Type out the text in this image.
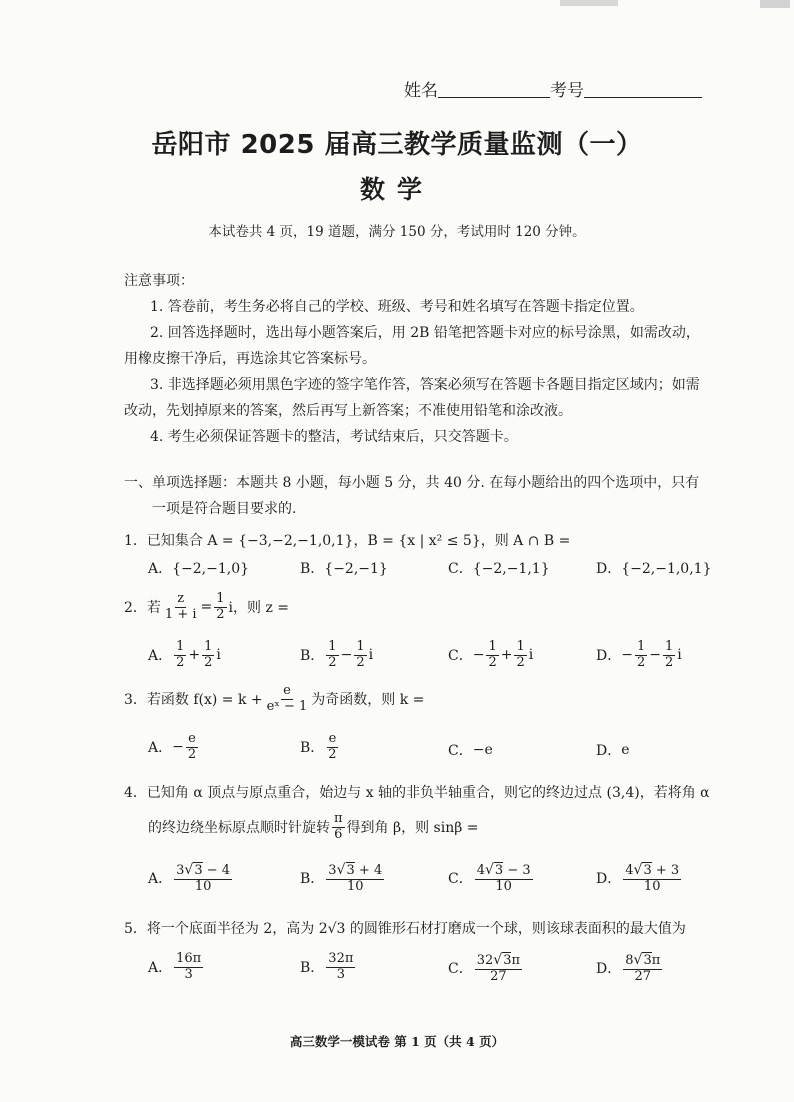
姓名	考号
岳阳市 2025 届高三教学质量监测（一）
数学
本试卷共 4 页，19 道题，满分 150 分，考试用时 120 分钟。
注意事项：
1. 答卷前，考生务必将自己的学校、班级、考号和姓名填写在答题卡指定位置。
2. 回答选择题时，选出每小题答案后，用 2B 铅笔把答题卡对应的标号涂黑，如需改动，
用橡皮擦干净后，再选涂其它答案标号。
3. 非选择题必须用黑色字迹的签字笔作答，答案必须写在答题卡各题目指定区域内；如需
改动，先划掉原来的答案，然后再写上新答案；不准使用铅笔和涂改液。
4. 考生必须保证答题卡的整洁，考试结束后，只交答题卡。
一、单项选择题：本题共 8 小题，每小题 5 分，共 40 分. 在每小题给出的四个选项中，只有
一项是符合题目要求的.
1．已知集合 A = {−3,−2,−1,0,1}，B = {x | x² ≤ 5}，则 A ∩ B =
A．{−2,−1,0}	B．{−2,−1}	C．{−2,−1,1}	D．{−2,−1,0,1}
2．若 $\frac{z}{1 + i} = \frac{1}{2}$ i，则 z =
A． $\frac{1}{2} + \frac{1}{2}$ i	B． $\frac{1}{2} - \frac{1}{2}$ i	C． − $\frac{1}{2} + \frac{1}{2}$ i	D． − $\frac{1}{2} - \frac{1}{2}$ i
3．若函数 $f(x) = k + \frac{e}{\text{eˣ − 1}}$ 为奇函数，则 k =
A． − $\frac{e}{2}$	B． $\frac{e}{2}$	C． −e	D． e
4．已知角 α 顶点与原点重合，始边与 x 轴的非负半轴重合，则它的终边过点 (3,4)，若将角 α
的终边绕坐标原点顺时针旋转 $\frac{\pi}{6}$ 得到角 β，则 sinβ =
A． $\frac{3√3 - 4}{10}$	B． $\frac{3√3 + 4}{10}$	C． $\frac{4√3 - 3}{10}$	D． $\frac{4√3 + 3}{10}$
5．将一个底面半径为 2，高为 2√3 的圆锥形石材打磨成一个球，则该球表面积的最大值为
A． $\frac{16\pi}{3}$	B． $\frac{32\pi}{3}$	C． $\frac{32√3\pi}{27}$	D． $\frac{8√3\pi}{27}$
高三数学一模试卷 第 1 页（共 4 页）
